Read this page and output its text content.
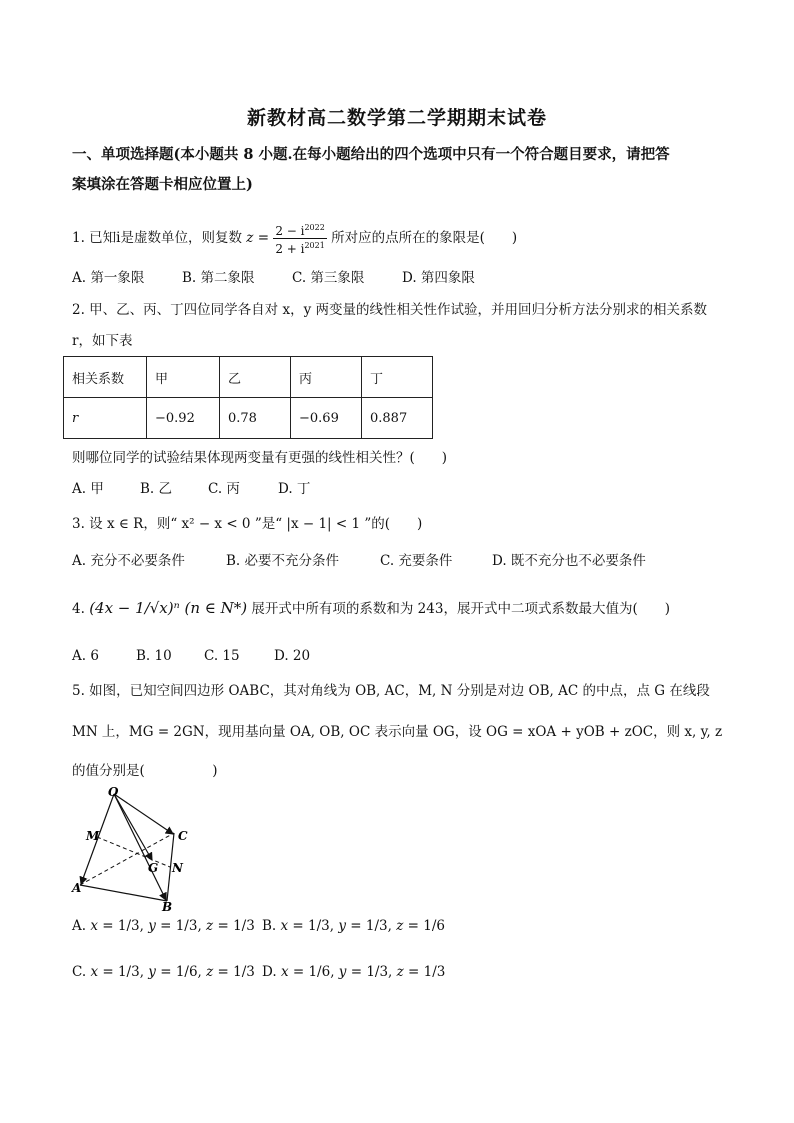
新教材高二数学第二学期期末试卷
一、单项选择题(本小题共 8 小题.在每小题给出的四个选项中只有一个符合题目要求，请把答
案填涂在答题卡相应位置上)
1. 已知i是虚数单位，则复数 $z = \frac{2 - i^{2022}}{2 + i^{2021}}$ 所对应的点所在的象限是(　　)
A. 第一象限	B. 第二象限	C. 第三象限	D. 第四象限
2. 甲、乙、丙、丁四位同学各自对 x，y 两变量的线性相关性作试验，并用回归分析方法分别求的相关系数
r，如下表
相关系数	甲	乙	丙	丁
r	−0.92	0.78	−0.69	0.887
则哪位同学的试验结果体现两变量有更强的线性相关性？(　　)
A. 甲	B. 乙	C. 丙	D. 丁
3. 设 x ∈ R，则“ x² − x < 0 ”是“ |x − 1| < 1 ”的(　　)
A. 充分不必要条件	B. 必要不充分条件	C. 充要条件	D. 既不充分也不必要条件
4. (4x − 1/√x)ⁿ (n ∈ N*) 展开式中所有项的系数和为 243，展开式中二项式系数最大值为(　　)
A. 6	B. 10 C. 15	D. 20
5. 如图，已知空间四边形 OABC，其对角线为 OB, AC，M, N 分别是对边 OB, AC 的中点，点 G 在线段
MN 上，MG = 2GN，现用基向量 OA, OB, OC 表示向量 OG，设 OG = xOA + yOB + zOC，则 x, y, z
的值分别是(　　　　　)
O
M	C
G N
A
B
A. x = 1/3, y = 1/3, z = 1/3 B. x = 1/3, y = 1/3, z = 1/6
C. x = 1/3, y = 1/6, z = 1/3 D. x = 1/6, y = 1/3, z = 1/3
